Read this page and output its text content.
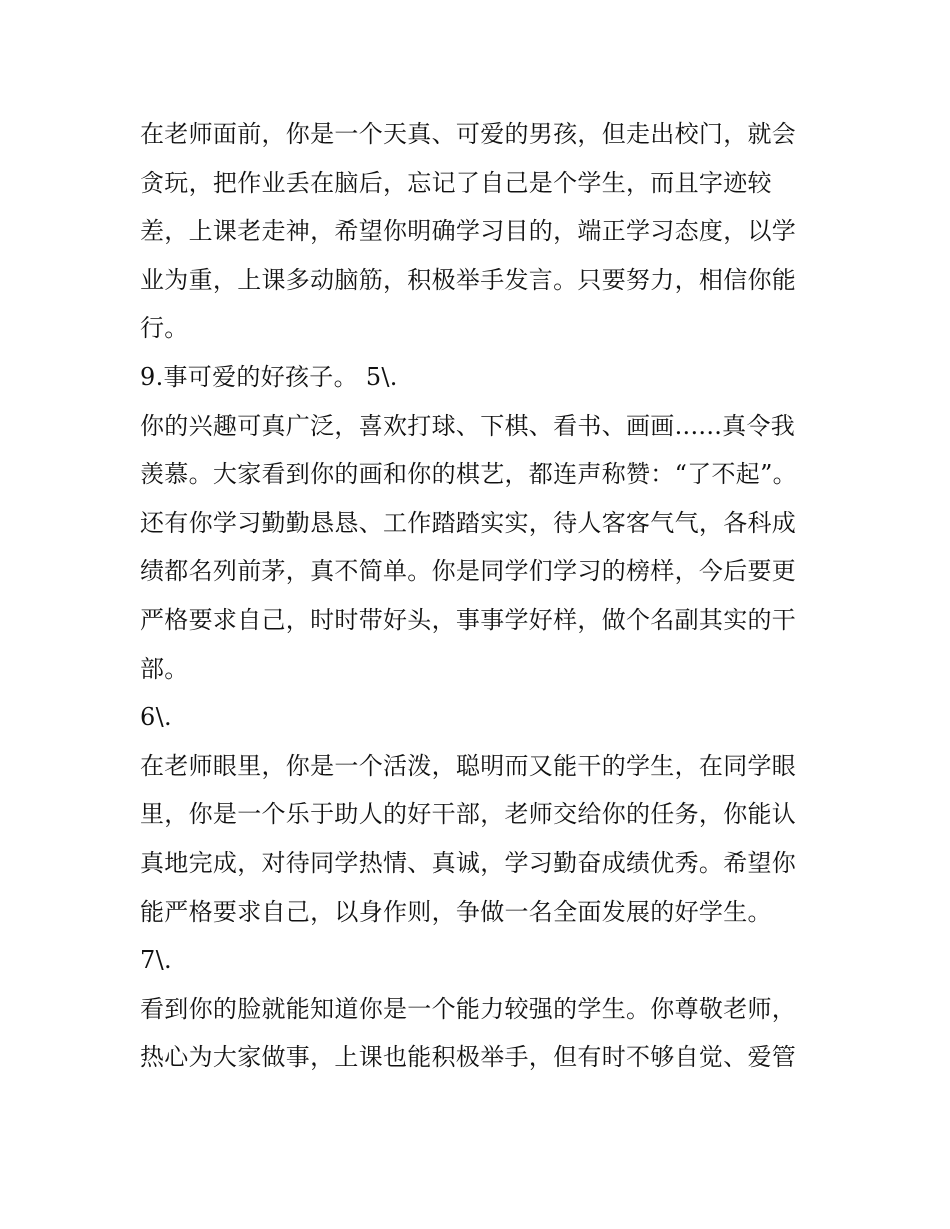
在老师面前，你是一个天真、可爱的男孩，但走出校门，就会
贪玩，把作业丢在脑后，忘记了自己是个学生，而且字迹较
差，上课老走神，希望你明确学习目的，端正学习态度，以学
业为重，上课多动脑筋，积极举手发言。只要努力，相信你能
行。
9.事可爱的好孩子。 5\.
你的兴趣可真广泛，喜欢打球、下棋、看书、画画......真令我
羡慕。大家看到你的画和你的棋艺，都连声称赞：“了不起”。
还有你学习勤勤恳恳、工作踏踏实实，待人客客气气，各科成
绩都名列前茅，真不简单。你是同学们学习的榜样，今后要更
严格要求自己，时时带好头，事事学好样，做个名副其实的干
部。
6\.
在老师眼里，你是一个活泼，聪明而又能干的学生，在同学眼
里，你是一个乐于助人的好干部，老师交给你的任务，你能认
真地完成，对待同学热情、真诚，学习勤奋成绩优秀。希望你
能严格要求自己，以身作则，争做一名全面发展的好学生。
7\.
看到你的脸就能知道你是一个能力较强的学生。你尊敬老师，
热心为大家做事，上课也能积极举手，但有时不够自觉、爱管
